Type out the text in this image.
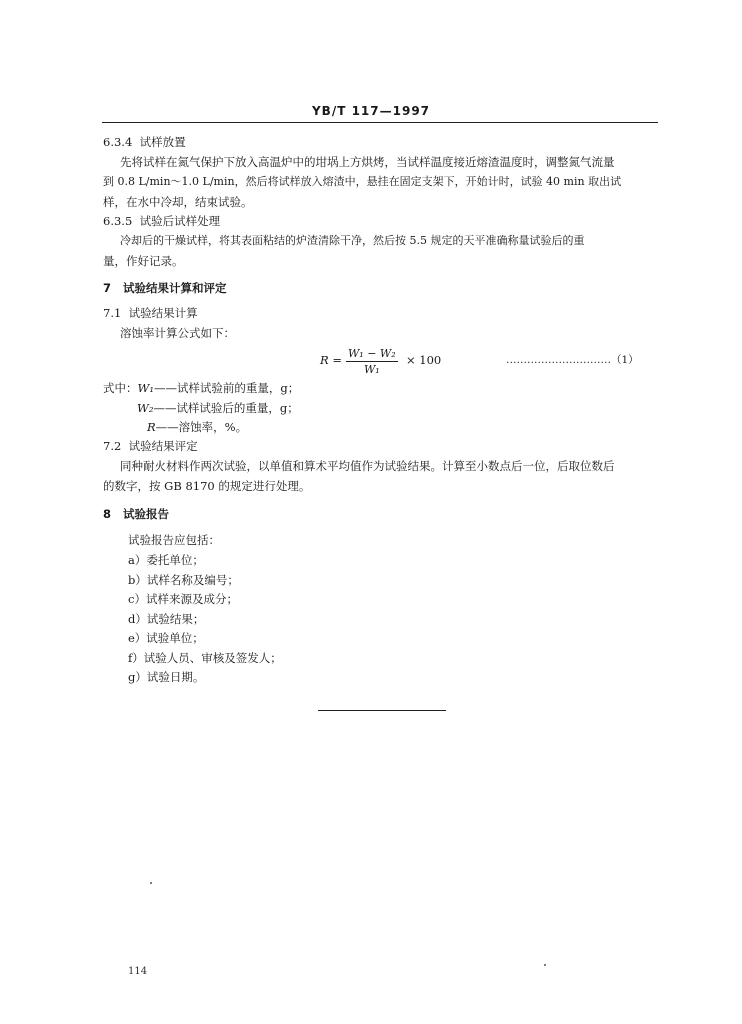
YB/T 117—1997
6.3.4 试样放置
先将试样在氮气保护下放入高温炉中的坩埚上方烘烤，当试样温度接近熔渣温度时，调整氮气流量
到 0.8 L/min～1.0 L/min，然后将试样放入熔渣中，悬挂在固定支架下，开始计时，试验 40 min 取出试
样，在水中冷却，结束试验。
6.3.5 试验后试样处理
冷却后的干燥试样，将其表面粘结的炉渣清除干净，然后按 5.5 规定的天平准确称量试验后的重
量，作好记录。
7 试验结果计算和评定
7.1 试验结果计算
溶蚀率计算公式如下：
$R = \frac{\text{W₁ − W₂}}{\text{W₁}} \times 100$	…………………………（1）
式中：W₁——试样试验前的重量，g；
W₂——试样试验后的重量，g；
R——溶蚀率，%。
7.2 试验结果评定
同种耐火材料作两次试验，以单值和算术平均值作为试验结果。计算至小数点后一位，后取位数后
的数字，按 GB 8170 的规定进行处理。
8 试验报告
试验报告应包括：
a）委托单位；
b）试样名称及编号；
c）试样来源及成分；
d）试验结果；
e）试验单位；
f）试验人员、审核及签发人；
g）试验日期。
114
